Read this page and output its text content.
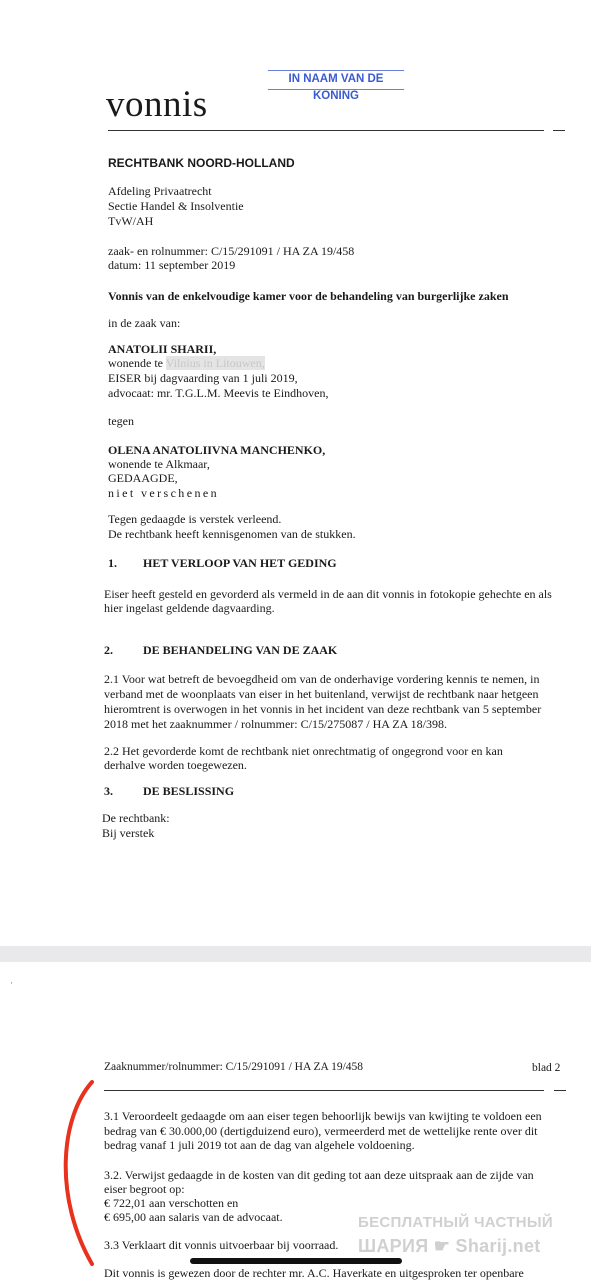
IN NAAM VAN DE KONING
vonnis
RECHTBANK NOORD-HOLLAND
Afdeling Privaatrecht
Sectie Handel & Insolventie
TvW/AH
zaak- en rolnummer: C/15/291091 / HA ZA 19/458
datum: 11 september 2019
Vonnis van de enkelvoudige kamer voor de behandeling van burgerlijke zaken
in de zaak van:
ANATOLII SHARII,
wonende te Vilnius in Litouwen,
EISER bij dagvaarding van 1 juli 2019,
advocaat: mr. T.G.L.M. Meevis te Eindhoven,
tegen
OLENA ANATOLIIVNA MANCHENKO,
wonende te Alkmaar,
GEDAAGDE,
niet verschenen
Tegen gedaagde is verstek verleend.
De rechtbank heeft kennisgenomen van de stukken.
1. HET VERLOOP VAN HET GEDING
Eiser heeft gesteld en gevorderd als vermeld in de aan dit vonnis in fotokopie gehechte en als
hier ingelast geldende dagvaarding.
2.	DE BEHANDELING VAN DE ZAAK
2.1 Voor wat betreft de bevoegdheid om van de onderhavige vordering kennis te nemen, in
verband met de woonplaats van eiser in het buitenland, verwijst de rechtbank naar hetgeen
hieromtrent is overwogen in het vonnis in het incident van deze rechtbank van 5 september
2018 met het zaaknummer / rolnummer: C/15/275087 / HA ZA 18/398.
2.2 Het gevorderde komt de rechtbank niet onrechtmatig of ongegrond voor en kan
derhalve worden toegewezen.
3.	DE BESLISSING
De rechtbank:
Bij verstek
·
Zaaknummer/rolnummer: C/15/291091 / HA ZA 19/458	blad 2
3.1 Veroordeelt gedaagde om aan eiser tegen behoorlijk bewijs van kwijting te voldoen een
bedrag van € 30.000,00 (dertigduizend euro), vermeerderd met de wettelijke rente over dit
bedrag vanaf 1 juli 2019 tot aan de dag van algehele voldoening.
3.2. Verwijst gedaagde in de kosten van dit geding tot aan deze uitspraak aan de zijde van
eiser begroot op:
€ 722,01 aan verschotten en
€ 695,00 aan salaris van de advocaat.
3.3 Verklaart dit vonnis uitvoerbaar bij voorraad.
Dit vonnis is gewezen door de rechter mr. A.C. Haverkate en uitgesproken ter openbare
БЕСПЛАТНЫЙ ЧАСТНЫЙ
ШАРИЯ ☛ Sharij.net
